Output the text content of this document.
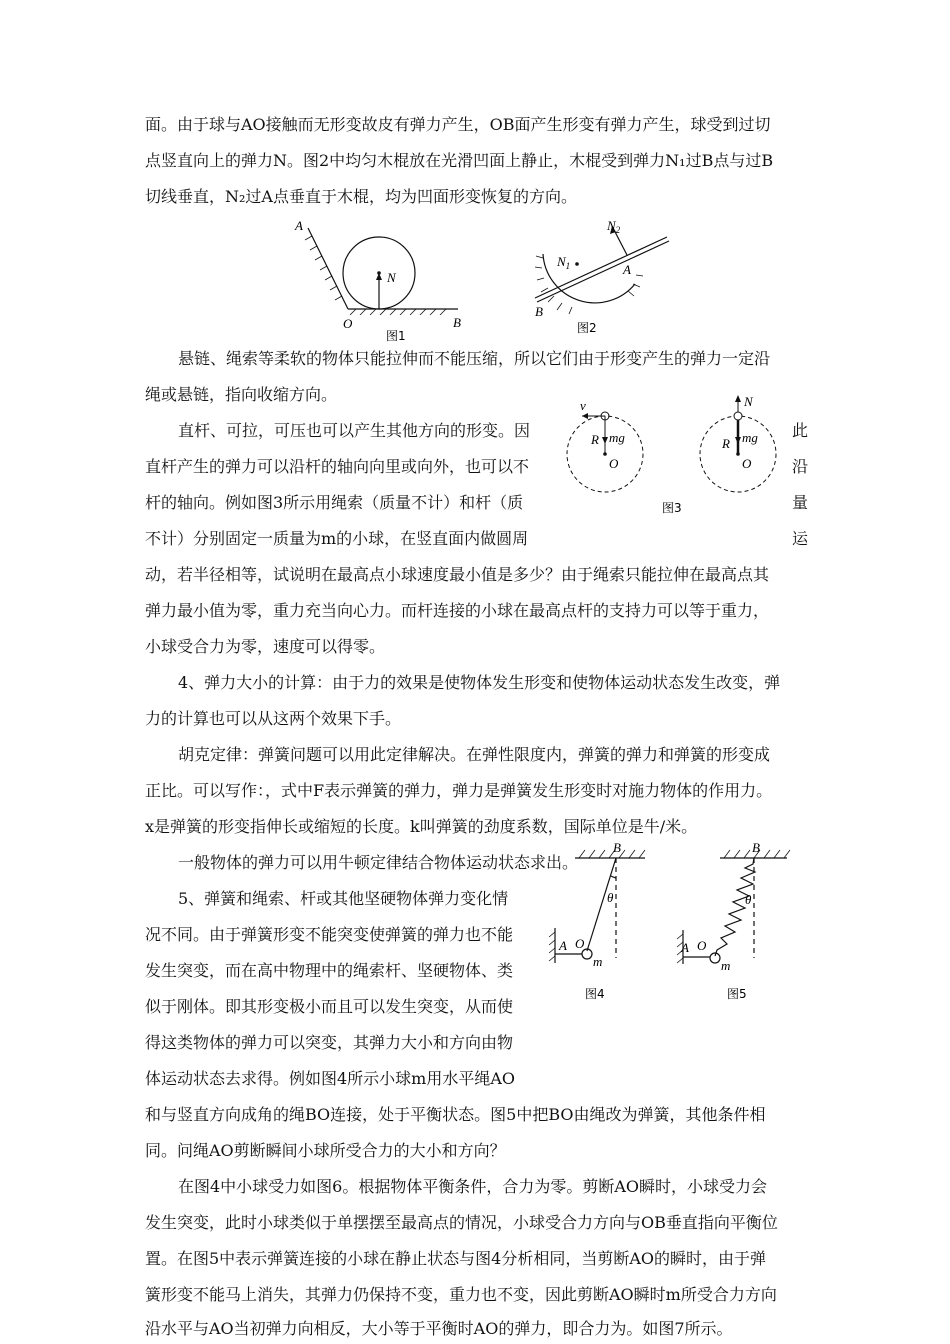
面。由于球与AO接触而无形变故皮有弹力产生，OB面产生形变有弹力产生，球受到过切
点竖直向上的弹力N。图2中均匀木棍放在光滑凹面上静止，木棍受到弹力N₁过B点与过B
切线垂直，N₂过A点垂直于木棍，均为凹面形变恢复的方向。
悬链、绳索等柔软的物体只能拉伸而不能压缩，所以它们由于形变产生的弹力一定沿
绳或悬链，指向收缩方向。
直杆、可拉，可压也可以产生其他方向的形变。因
直杆产生的弹力可以沿杆的轴向向里或向外，也可以不
杆的轴向。例如图3所示用绳索（质量不计）和杆（质
不计）分别固定一质量为m的小球，在竖直面内做圆周
动，若半径相等，试说明在最高点小球速度最小值是多少？由于绳索只能拉伸在最高点其
弹力最小值为零，重力充当向心力。而杆连接的小球在最高点杆的支持力可以等于重力，
小球受合力为零，速度可以得零。
此
沿
量
运
4、弹力大小的计算：由于力的效果是使物体发生形变和使物体运动状态发生改变，弹
力的计算也可以从这两个效果下手。
胡克定律：弹簧问题可以用此定律解决。在弹性限度内，弹簧的弹力和弹簧的形变成
正比。可以写作：，式中F表示弹簧的弹力，弹力是弹簧发生形变时对施力物体的作用力。
x是弹簧的形变指伸长或缩短的长度。k叫弹簧的劲度系数，国际单位是牛/米。
一般物体的弹力可以用牛顿定律结合物体运动状态求出。
5、弹簧和绳索、杆或其他坚硬物体弹力变化情
况不同。由于弹簧形变不能突变使弹簧的弹力也不能
发生突变，而在高中物理中的绳索杆、坚硬物体、类
似于刚体。即其形变极小而且可以发生突变，从而使
得这类物体的弹力可以突变，其弹力大小和方向由物
体运动状态去求得。例如图4所示小球m用水平绳AO
和与竖直方向成角的绳BO连接，处于平衡状态。图5中把BO由绳改为弹簧，其他条件相
同。问绳AO剪断瞬间小球所受合力的大小和方向？
在图4中小球受力如图6。根据物体平衡条件，合力为零。剪断AO瞬时，小球受力会
发生突变，此时小球类似于单摆摆至最高点的情况，小球受合力方向与OB垂直指向平衡位
置。在图5中表示弹簧连接的小球在静止状态与图4分析相同，当剪断AO的瞬时，由于弹
簧形变不能马上消失，其弹力仍保持不变，重力也不变，因此剪断AO瞬时m所受合力方向
沿水平与AO当初弹力向相反，大小等于平衡时AO的弹力，即合力为。如图7所示。
A
N
O	B
图1
$N_2$
$N_1$	A
B
图2
v
R mg
O
N
R mg
O
图3
B
θ
A O
m
图4
B
θ
A O
m
图5
